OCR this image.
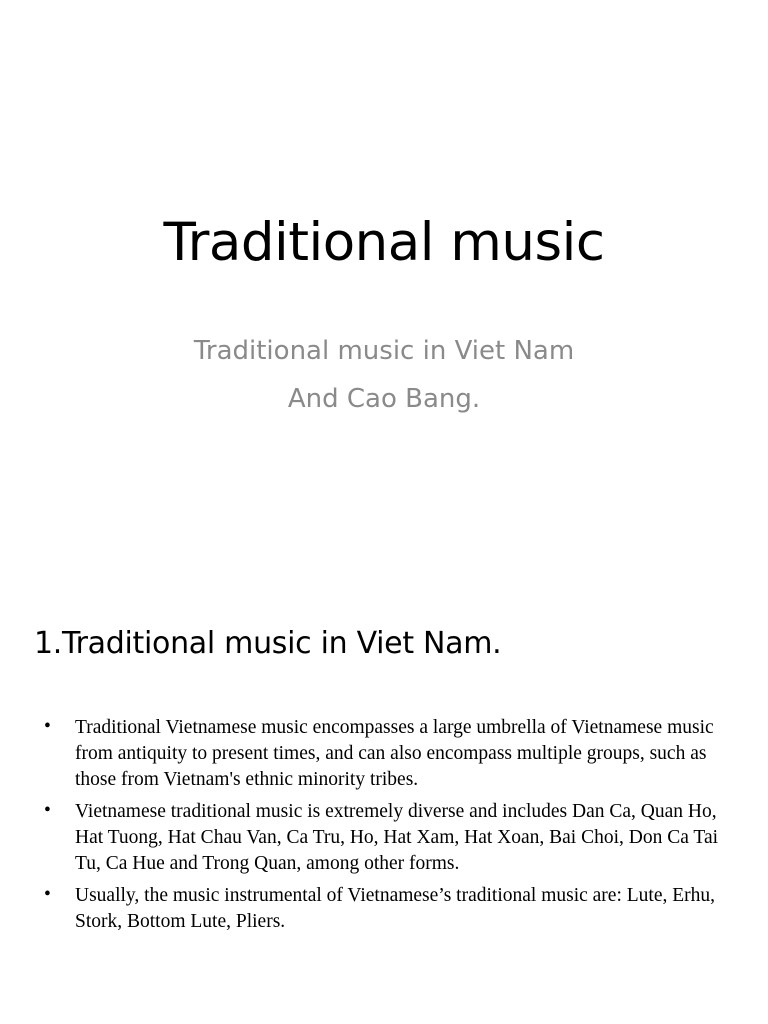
Traditional music
Traditional music in Viet Nam
And Cao Bang.
1.Traditional music in Viet Nam.
• Traditional Vietnamese music encompasses a large umbrella of Vietnamese music from antiquity to present times, and can also encompass multiple groups, such as those from Vietnam's ethnic minority tribes.
• Vietnamese traditional music is extremely diverse and includes Dan Ca, Quan Ho, Hat Tuong, Hat Chau Van, Ca Tru, Ho, Hat Xam, Hat Xoan, Bai Choi, Don Ca Tai Tu, Ca Hue and Trong Quan, among other forms.
• Usually, the music instrumental of Vietnamese’s traditional music are: Lute, Erhu, Stork, Bottom Lute, Pliers.
